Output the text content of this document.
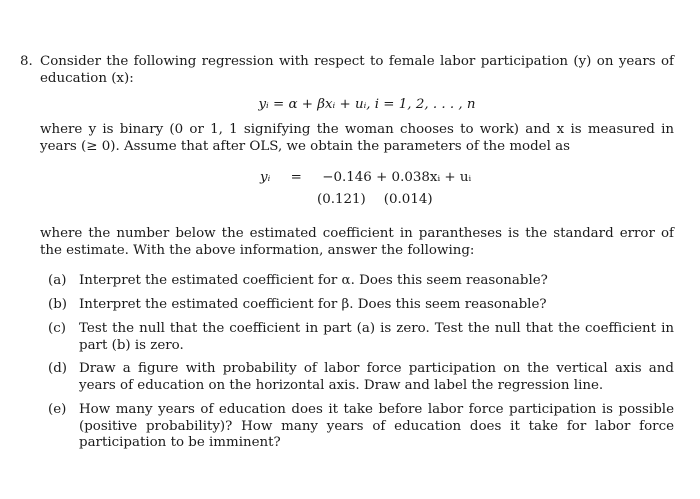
8. Consider the following regression with respect to female labor participation (y) on years of education (x):
yᵢ = α + βxᵢ + uᵢ, i = 1, 2, . . . , n
where y is binary (0 or 1, 1 signifying the woman chooses to work) and x is measured in years (≥ 0). Assume that after OLS, we obtain the parameters of the model as
yᵢ = −0.146 + 0.038xᵢ + uᵢ
(0.121) (0.014)
where the number below the estimated coefficient in parantheses is the standard error of the estimate. With the above information, answer the following:
(a) Interpret the estimated coefficient for α. Does this seem reasonable?
(b) Interpret the estimated coefficient for β. Does this seem reasonable?
(c) Test the null that the coefficient in part (a) is zero. Test the null that the coefficient in part (b) is zero.
(d) Draw a figure with probability of labor force participation on the vertical axis and years of education on the horizontal axis. Draw and label the regression line.
(e) How many years of education does it take before labor force participation is possible (positive probability)? How many years of education does it take for labor force participation to be imminent?
